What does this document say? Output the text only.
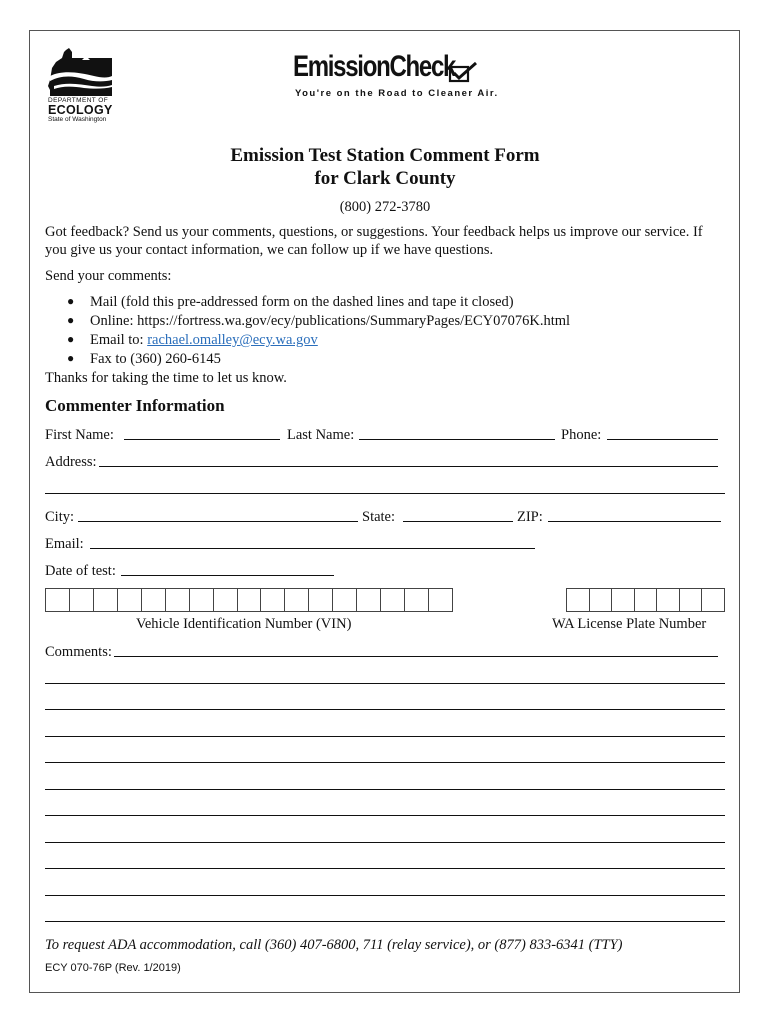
DEPARTMENT OF
ECOLOGY
State of Washington
EmissionCheck
You're on the Road to Cleaner Air.
Emission Test Station Comment Form
for Clark County
(800) 272-3780
Got feedback? Send us your comments, questions, or suggestions. Your feedback helps us improve our service. If you give us your contact information, we can follow up if we have questions.
Send your comments:
● Mail (fold this pre-addressed form on the dashed lines and tape it closed)
● Online: https://fortress.wa.gov/ecy/publications/SummaryPages/ECY07076K.html
● Email to: rachael.omalley@ecy.wa.gov
● Fax to (360) 260-6145
Thanks for taking the time to let us know.
Commenter Information
First Name:	Last Name:	Phone:
Address:
City:	State:	ZIP:
Email:
Date of test:
Vehicle Identification Number (VIN)	WA License Plate Number
Comments:
To request ADA accommodation, call (360) 407-6800, 711 (relay service), or (877) 833-6341 (TTY)
ECY 070-76P (Rev. 1/2019)
